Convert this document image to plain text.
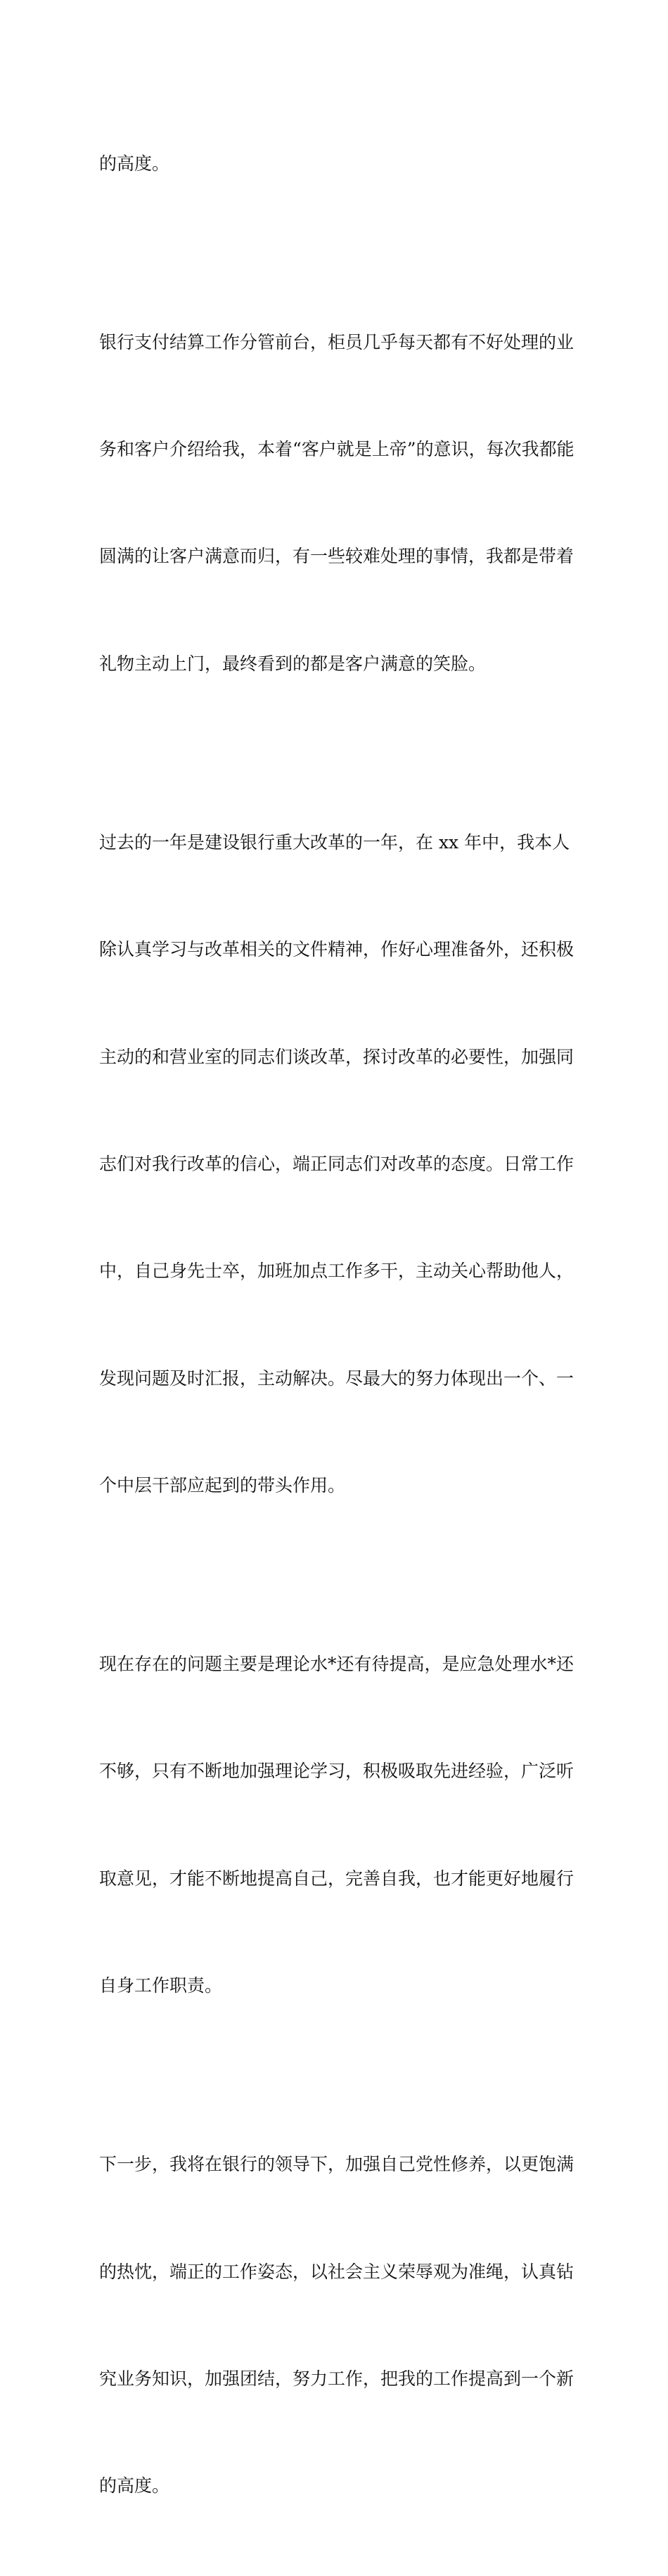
的高度。

银行支付结算工作分管前台，柜员几乎每天都有不好处理的业

务和客户介绍给我，本着“客户就是上帝”的意识，每次我都能

圆满的让客户满意而归，有一些较难处理的事情，我都是带着

礼物主动上门，最终看到的都是客户满意的笑脸。

过去的一年是建设银行重大改革的一年，在 xx 年中，我本人

除认真学习与改革相关的文件精神，作好心理准备外，还积极

主动的和营业室的同志们谈改革，探讨改革的必要性，加强同

志们对我行改革的信心，端正同志们对改革的态度。日常工作

中，自己身先士卒，加班加点工作多干，主动关心帮助他人，

发现问题及时汇报，主动解决。尽最大的努力体现出一个、一

个中层干部应起到的带头作用。

现在存在的问题主要是理论水*还有待提高，是应急处理水*还

不够，只有不断地加强理论学习，积极吸取先进经验，广泛听

取意见，才能不断地提高自己，完善自我，也才能更好地履行

自身工作职责。

下一步，我将在银行的领导下，加强自己党性修养，以更饱满

的热忱，端正的工作姿态，以社会主义荣辱观为准绳，认真钻

究业务知识，加强团结，努力工作，把我的工作提高到一个新

的高度。
